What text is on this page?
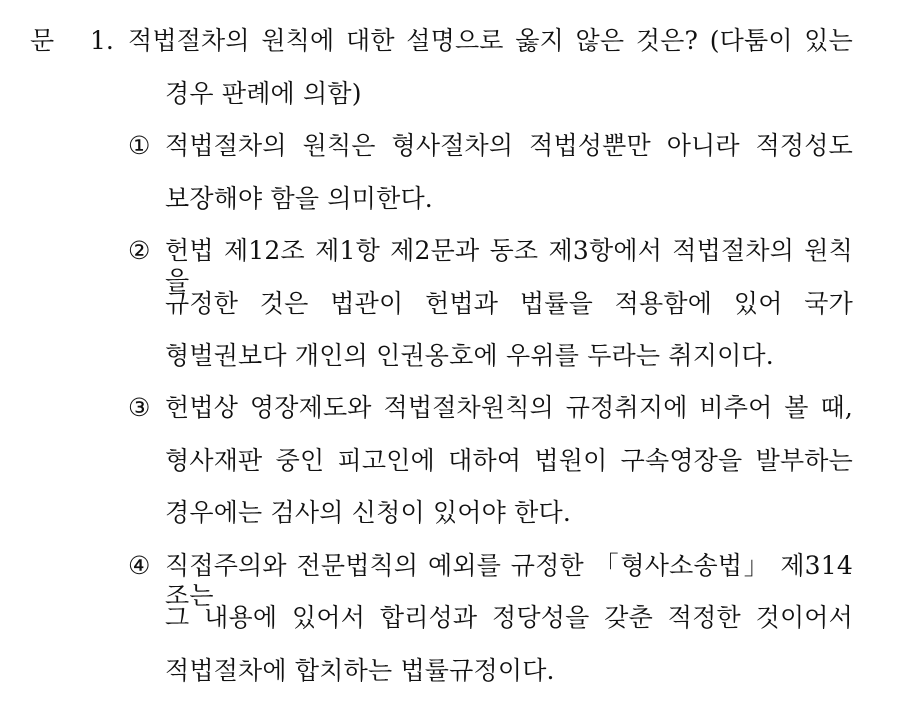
문 1. 적법절차의 원칙에 대한 설명으로 옳지 않은 것은? (다툼이 있는
경우 판례에 의함)
① 적법절차의 원칙은 형사절차의 적법성뿐만 아니라 적정성도
보장해야 함을 의미한다.
② 헌법 제12조 제1항 제2문과 동조 제3항에서 적법절차의 원칙을
규정한 것은 법관이 헌법과 법률을 적용함에 있어 국가
형벌권보다 개인의 인권옹호에 우위를 두라는 취지이다.
③ 헌법상 영장제도와 적법절차원칙의 규정취지에 비추어 볼 때,
형사재판 중인 피고인에 대하여 법원이 구속영장을 발부하는
경우에는 검사의 신청이 있어야 한다.
④ 직접주의와 전문법칙의 예외를 규정한 「형사소송법」 제314조는
그 내용에 있어서 합리성과 정당성을 갖춘 적정한 것이어서
적법절차에 합치하는 법률규정이다.
